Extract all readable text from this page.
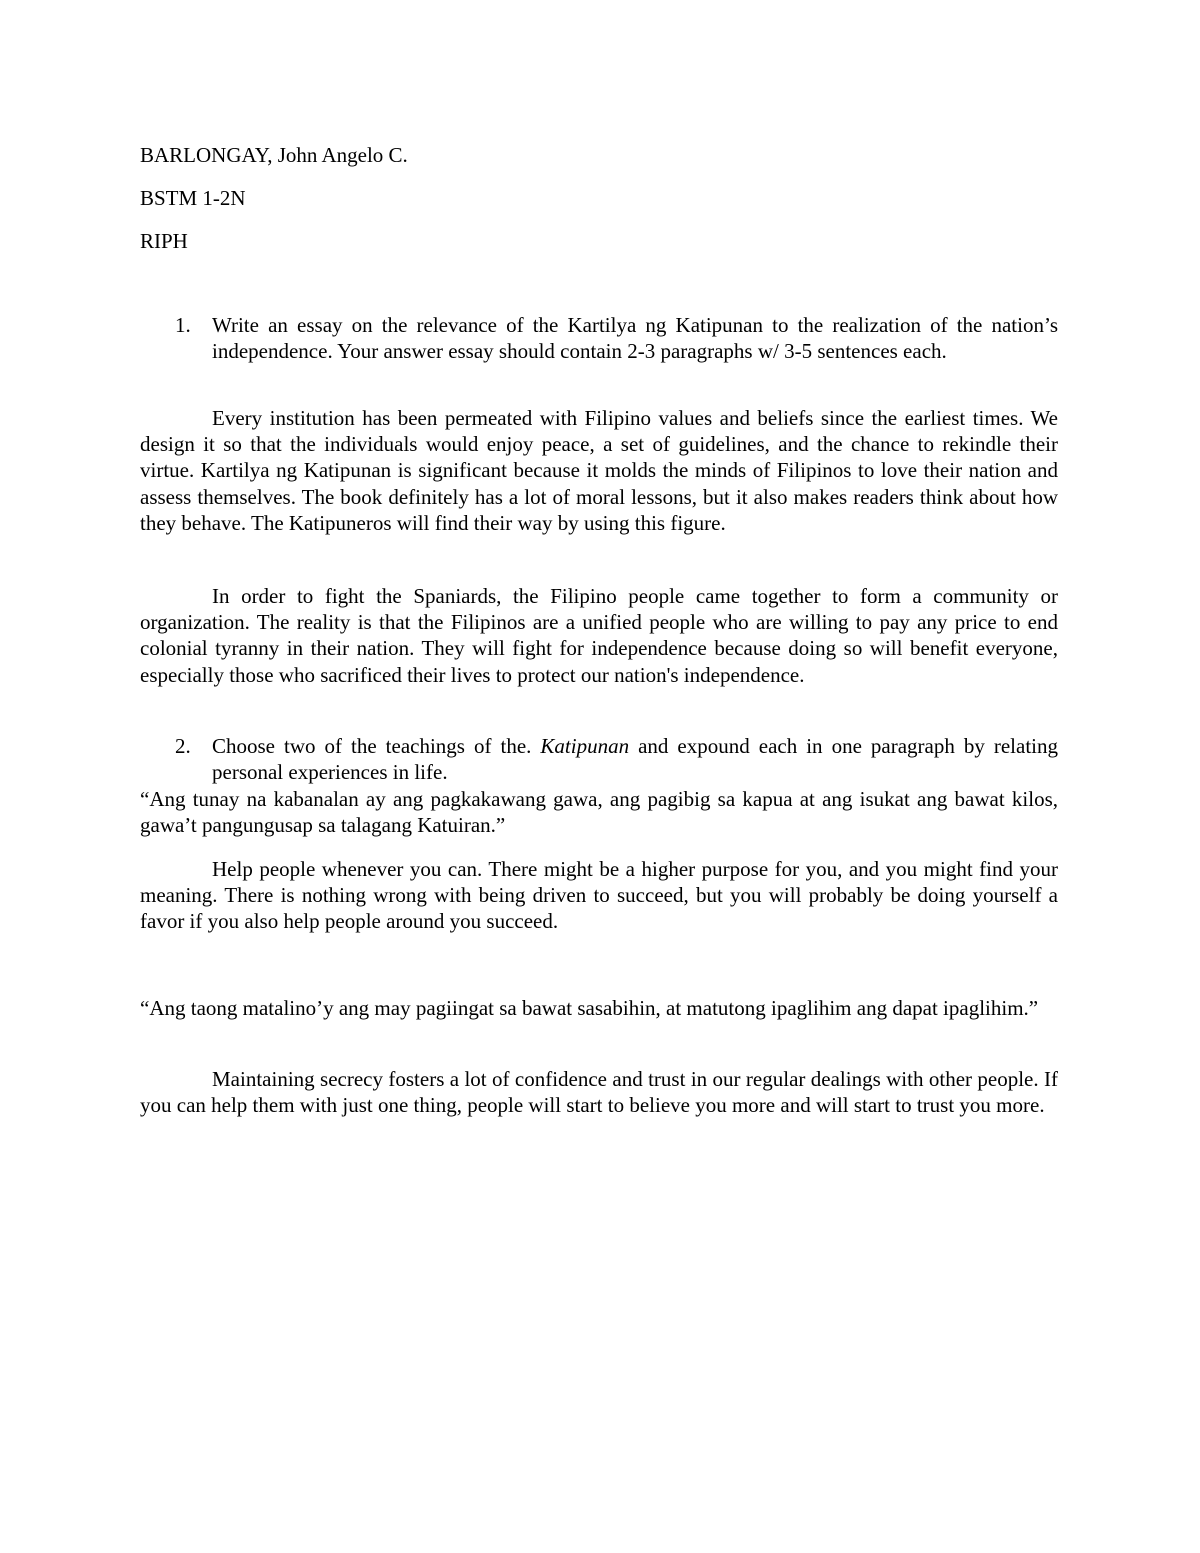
BARLONGAY, John Angelo C.

BSTM 1-2N

RIPH

1. Write an essay on the relevance of the Kartilya ng Katipunan to the realization of the nation’s independence. Your answer essay should contain 2-3 paragraphs w/ 3-5 sentences each.

Every institution has been permeated with Filipino values and beliefs since the earliest times. We design it so that the individuals would enjoy peace, a set of guidelines, and the chance to rekindle their virtue. Kartilya ng Katipunan is significant because it molds the minds of Filipinos to love their nation and assess themselves. The book definitely has a lot of moral lessons, but it also makes readers think about how they behave. The Katipuneros will find their way by using this figure.

In order to fight the Spaniards, the Filipino people came together to form a community or organization. The reality is that the Filipinos are a unified people who are willing to pay any price to end colonial tyranny in their nation. They will fight for independence because doing so will benefit everyone, especially those who sacrificed their lives to protect our nation's independence.

2. Choose two of the teachings of the. Katipunan and expound each in one paragraph by relating personal experiences in life.

“Ang tunay na kabanalan ay ang pagkakawang gawa, ang pagibig sa kapua at ang isukat ang bawat kilos, gawa’t pangungusap sa talagang Katuiran.”

Help people whenever you can. There might be a higher purpose for you, and you might find your meaning. There is nothing wrong with being driven to succeed, but you will probably be doing yourself a favor if you also help people around you succeed.

“Ang taong matalino’y ang may pagiingat sa bawat sasabihin, at matutong ipaglihim ang dapat ipaglihim.”

Maintaining secrecy fosters a lot of confidence and trust in our regular dealings with other people. If you can help them with just one thing, people will start to believe you more and will start to trust you more.
